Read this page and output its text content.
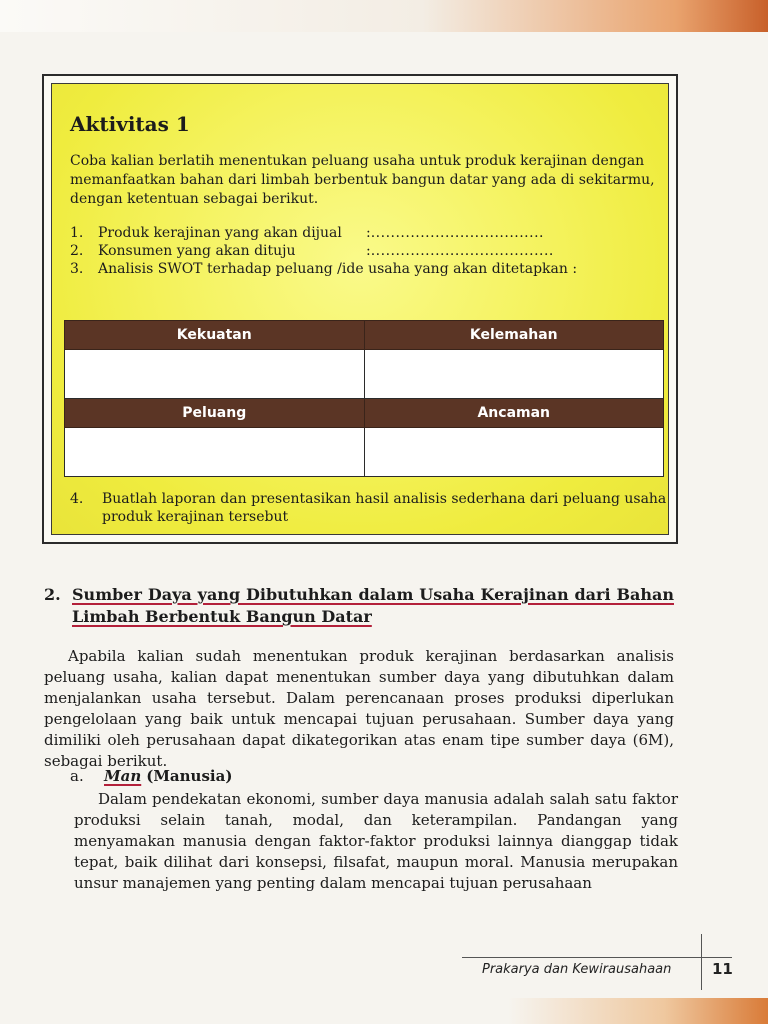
Aktivitas 1
Coba kalian berlatih menentukan peluang usaha untuk produk kerajinan dengan memanfaatkan bahan dari limbah berbentuk bangun datar yang ada di sekitarmu, dengan ketentuan sebagai berikut.
1.	Produk kerajinan yang akan dijual	: ...................................
2.	Konsumen yang akan dituju	: .....................................
3.	Analisis SWOT terhadap peluang /ide usaha yang akan ditetapkan :
Kekuatan	Kelemahan

Peluang	Ancaman

4.	Buatlah laporan dan presentasikan hasil analisis sederhana dari peluang usaha produk kerajinan tersebut
2. Sumber Daya yang Dibutuhkan dalam Usaha Kerajinan dari Bahan Limbah Berbentuk Bangun Datar
Apabila kalian sudah menentukan produk kerajinan berdasarkan analisis peluang usaha, kalian dapat menentukan sumber daya yang dibutuhkan dalam menjalankan usaha tersebut. Dalam perencanaan proses produksi diperlukan pengelolaan yang baik untuk mencapai tujuan perusahaan. Sumber daya yang dimiliki oleh perusahaan dapat dikategorikan atas enam tipe sumber daya (6M), sebagai berikut.
a.	Man (Manusia)
Dalam pendekatan ekonomi, sumber daya manusia adalah salah satu faktor produksi selain tanah, modal, dan keterampilan. Pandangan yang menyamakan manusia dengan faktor-faktor produksi lainnya dianggap tidak tepat, baik dilihat dari konsepsi, filsafat, maupun moral. Manusia merupakan unsur manajemen yang penting dalam mencapai tujuan perusahaan
Prakarya dan Kewirausahaan	11
